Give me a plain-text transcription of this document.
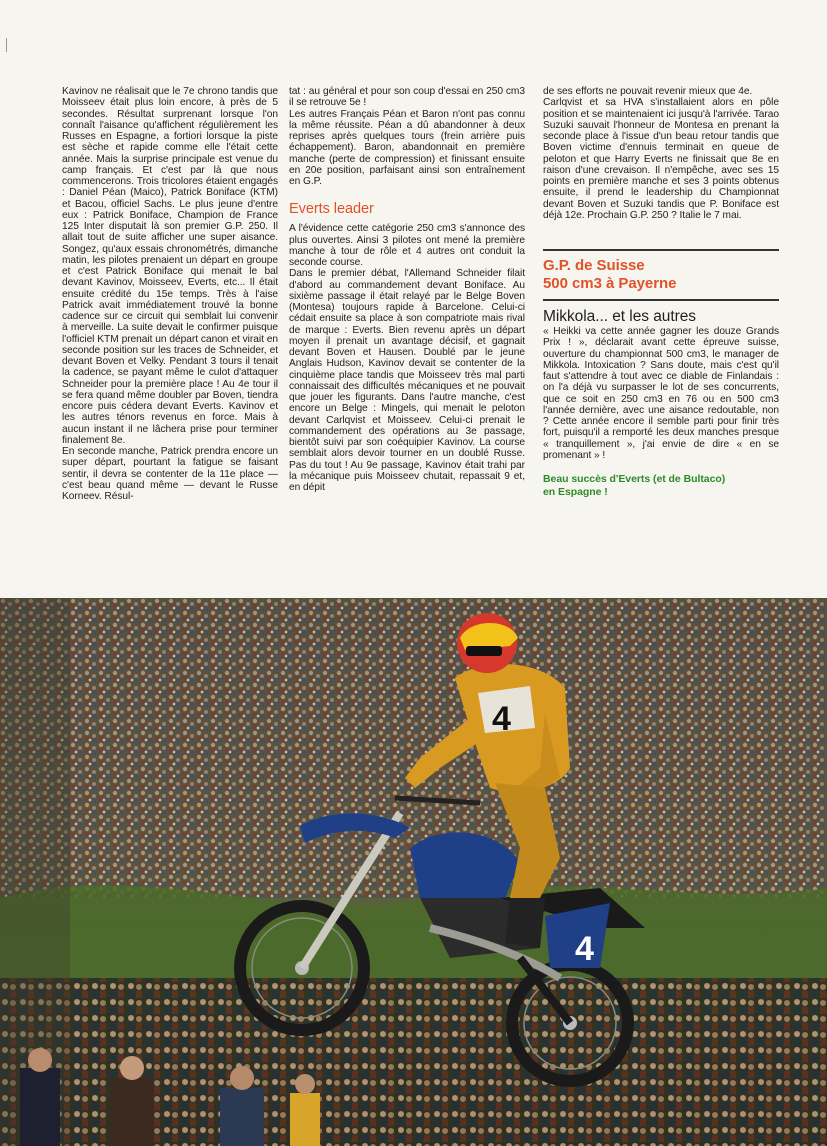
Kavinov ne réalisait que le 7e chrono tandis que Moisseev était plus loin encore, à près de 5 secondes. Résultat surprenant lorsque l'on connaît l'aisance qu'affichent régulièrement les Russes en Espagne, a fortiori lorsque la piste est sèche et rapide comme elle l'était cette année. Mais la surprise principale est venue du camp français. Et c'est par là que nous commencerons. Trois tricolores étaient engagés : Daniel Péan (Maico), Patrick Boniface (KTM) et Bacou, officiel Sachs. Le plus jeune d'entre eux : Patrick Boniface, Champion de France 125 Inter disputait là son premier G.P. 250. Il allait tout de suite afficher une super aisance. Songez, qu'aux essais chronométrés, dimanche matin, les pilotes prenaient un départ en groupe et c'est Patrick Boniface qui menait le bal devant Kavinov, Moisseev, Everts, etc... Il était ensuite crédité du 15e temps. Très à l'aise Patrick avait immédiatement trouvé la bonne cadence sur ce circuit qui semblait lui convenir à merveille. La suite devait le confirmer puisque l'officiel KTM prenait un départ canon et virait en seconde position sur les traces de Schneider, et devant Boven et Velky. Pendant 3 tours il tenait la cadence, se payant même le culot d'attaquer Schneider pour la première place ! Au 4e tour il se fera quand même doubler par Boven, tiendra encore puis cédera devant Everts. Kavinov et les autres ténors revenus en force. Mais à aucun instant il ne lâchera prise pour terminer finalement 8e.

En seconde manche, Patrick prendra encore un super départ, pourtant la fatigue se faisant sentir, il devra se contenter de la 11e place — c'est beau quand même — devant le Russe Korneev. Résul-

tat : au général et pour son coup d'essai en 250 cm3 il se retrouve 5e !

Les autres Français Péan et Baron n'ont pas connu la même réussite. Péan a dû abandonner à deux reprises après quelques tours (frein arrière puis échappement). Baron, abandonnait en première manche (perte de compression) et finissant ensuite en 20e position, parfaisant ainsi son entraînement en G.P.

Everts leader

A l'évidence cette catégorie 250 cm3 s'annonce des plus ouvertes. Ainsi 3 pilotes ont mené la première manche à tour de rôle et 4 autres ont conduit la seconde course.

Dans le premier débat, l'Allemand Schneider filait d'abord au commandement devant Boniface. Au sixième passage il était relayé par le Belge Boven (Montesa) toujours rapide à Barcelone. Celui-ci cédait ensuite sa place à son compatriote mais rival de marque : Everts. Bien revenu après un départ moyen il prenait un avantage décisif, et gagnait devant Boven et Hausen. Doublé par le jeune Anglais Hudson, Kavinov devait se contenter de la cinquième place tandis que Moisseev très mal parti connaissait des difficultés mécaniques et ne pouvait que jouer les figurants. Dans l'autre manche, c'est encore un Belge : Mingels, qui menait le peloton devant Carlqvist et Moisseev. Celui-ci prenait le commandement des opérations au 3e passage, bientôt suivi par son coéquipier Kavinov. La course semblait alors devoir tourner en un doublé Russe. Pas du tout ! Au 9e passage, Kavinov était trahi par la mécanique puis Moisseev chutait, repassait 9 et, en dépit

de ses efforts ne pouvait revenir mieux que 4e.

Carlqvist et sa HVA s'installaient alors en pôle position et se maintenaient ici jusqu'à l'arrivée. Tarao Suzuki sauvait l'honneur de Montesa en prenant la seconde place à l'issue d'un beau retour tandis que Boven victime d'ennuis terminait en queue de peloton et que Harry Everts ne finissait que 8e en raison d'une crevaison. Il n'empêche, avec ses 15 points en première manche et ses 3 points obtenus ensuite, il prend le leadership du Championnat devant Boven et Suzuki tandis que P. Boniface est déjà 12e. Prochain G.P. 250 ? Italie le 7 mai.

G.P. de Suisse
500 cm3 à Payerne
Mikkola... et les autres

« Heikki va cette année gagner les douze Grands Prix ! », déclarait avant cette épreuve suisse, ouverture du championnat 500 cm3, le manager de Mikkola. Intoxication ? Sans doute, mais c'est qu'il faut s'attendre à tout avec ce diable de Finlandais : on l'a déjà vu surpasser le lot de ses concurrents, que ce soit en 250 cm3 en 76 ou en 500 cm3 l'année dernière, avec une aisance redoutable, non ? Cette année encore il semble parti pour finir très fort, puisqu'il a remporté les deux manches presque « tranquillement », j'ai envie de dire « en se promenant » !

Beau succès d'Everts (et de Bultaco)
en Espagne !
4
4
